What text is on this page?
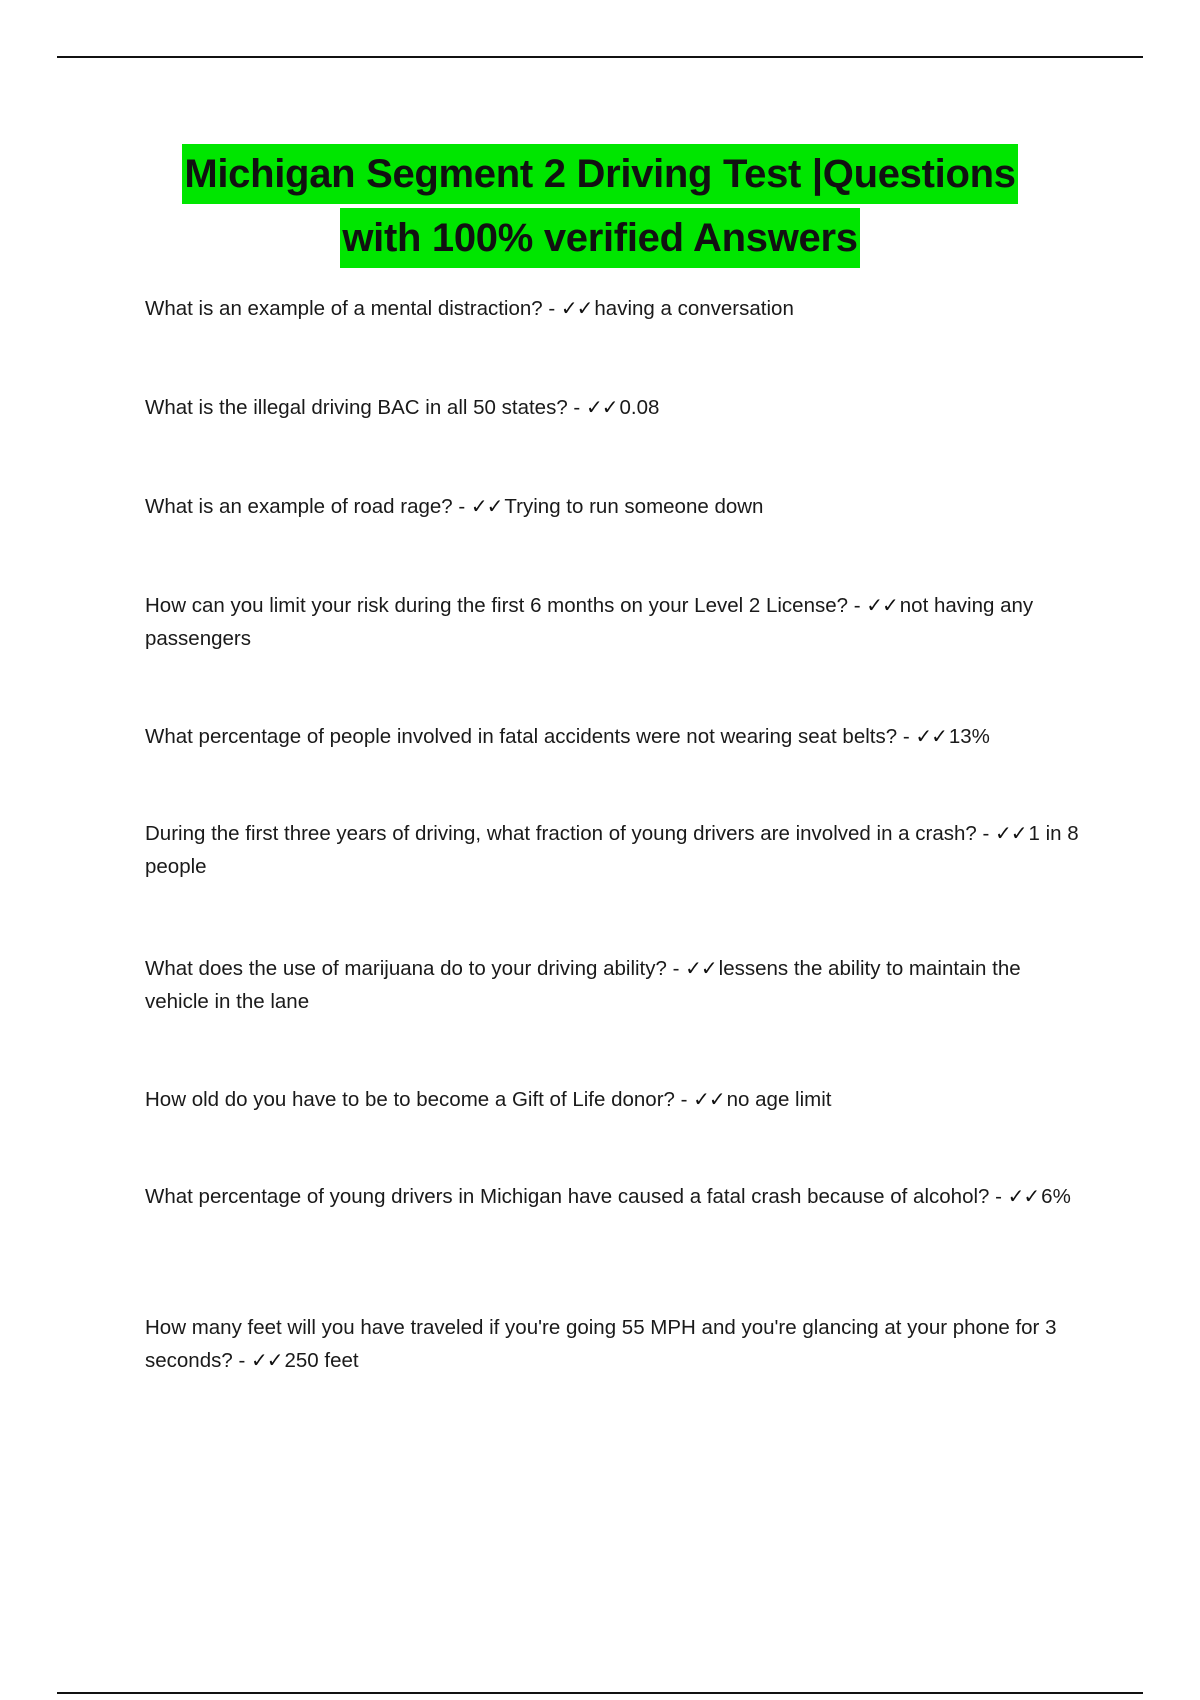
Michigan Segment 2 Driving Test |Questions
with 100% verified Answers
What is an example of a mental distraction? - ✓✓having a conversation
What is the illegal driving BAC in all 50 states? - ✓✓0.08
What is an example of road rage? - ✓✓Trying to run someone down
How can you limit your risk during the first 6 months on your Level 2 License? - ✓✓not having any passengers
What percentage of people involved in fatal accidents were not wearing seat belts? - ✓✓13%
During the first three years of driving, what fraction of young drivers are involved in a crash? - ✓✓1 in 8 people
What does the use of marijuana do to your driving ability? - ✓✓lessens the ability to maintain the vehicle in the lane
How old do you have to be to become a Gift of Life donor? - ✓✓no age limit
What percentage of young drivers in Michigan have caused a fatal crash because of alcohol? - ✓✓6%
How many feet will you have traveled if you're going 55 MPH and you're glancing at your phone for 3 seconds? - ✓✓250 feet
